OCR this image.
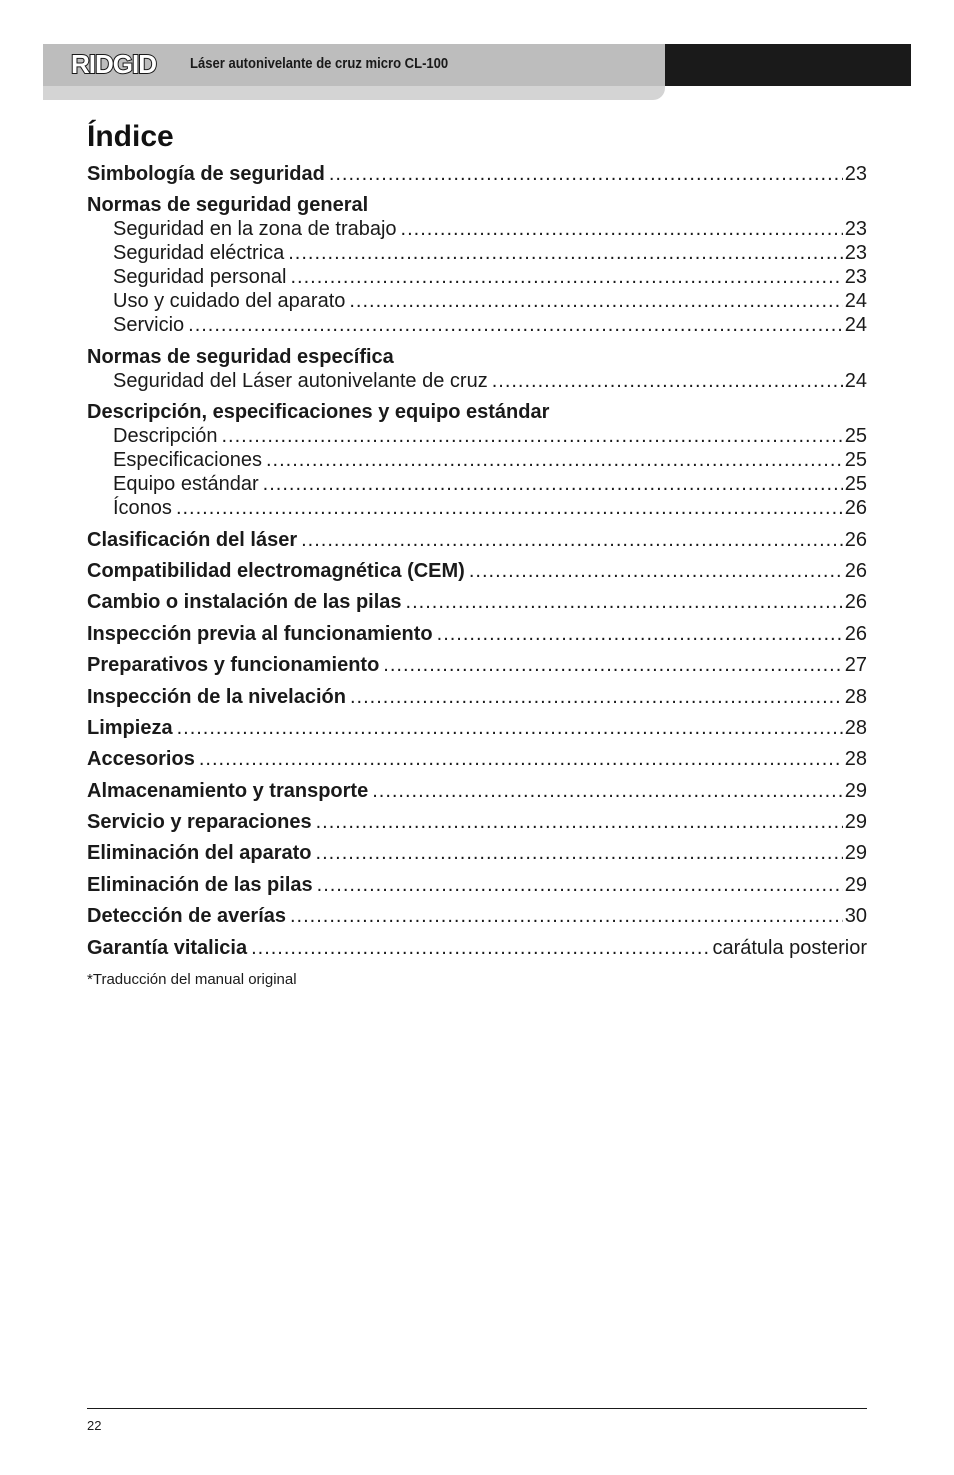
RIDGID	Láser autonivelante de cruz micro CL-100
Índice
Simbología de seguridad .....	23
Normas de seguridad general
Seguridad en la zona de trabajo .....	23
Seguridad eléctrica .....	23
Seguridad personal .....	23
Uso y cuidado del aparato .....	24
Servicio .....	24
Normas de seguridad específica
Seguridad del Láser autonivelante de cruz .....	24
Descripción, especificaciones y equipo estándar
Descripción .....	25
Especificaciones .....	25
Equipo estándar .....	25
Íconos .....	26
Clasificación del láser .....	26
Compatibilidad electromagnética (CEM) .....	26
Cambio o instalación de las pilas .....	26
Inspección previa al funcionamiento .....	26
Preparativos y funcionamiento .....	27
Inspección de la nivelación .....	28
Limpieza .....	28
Accesorios .....	28
Almacenamiento y transporte .....	29
Servicio y reparaciones .....	29
Eliminación del aparato .....	29
Eliminación de las pilas .....	29
Detección de averías .....	30
Garantía vitalicia .....	carátula posterior
*Traducción del manual original
22
